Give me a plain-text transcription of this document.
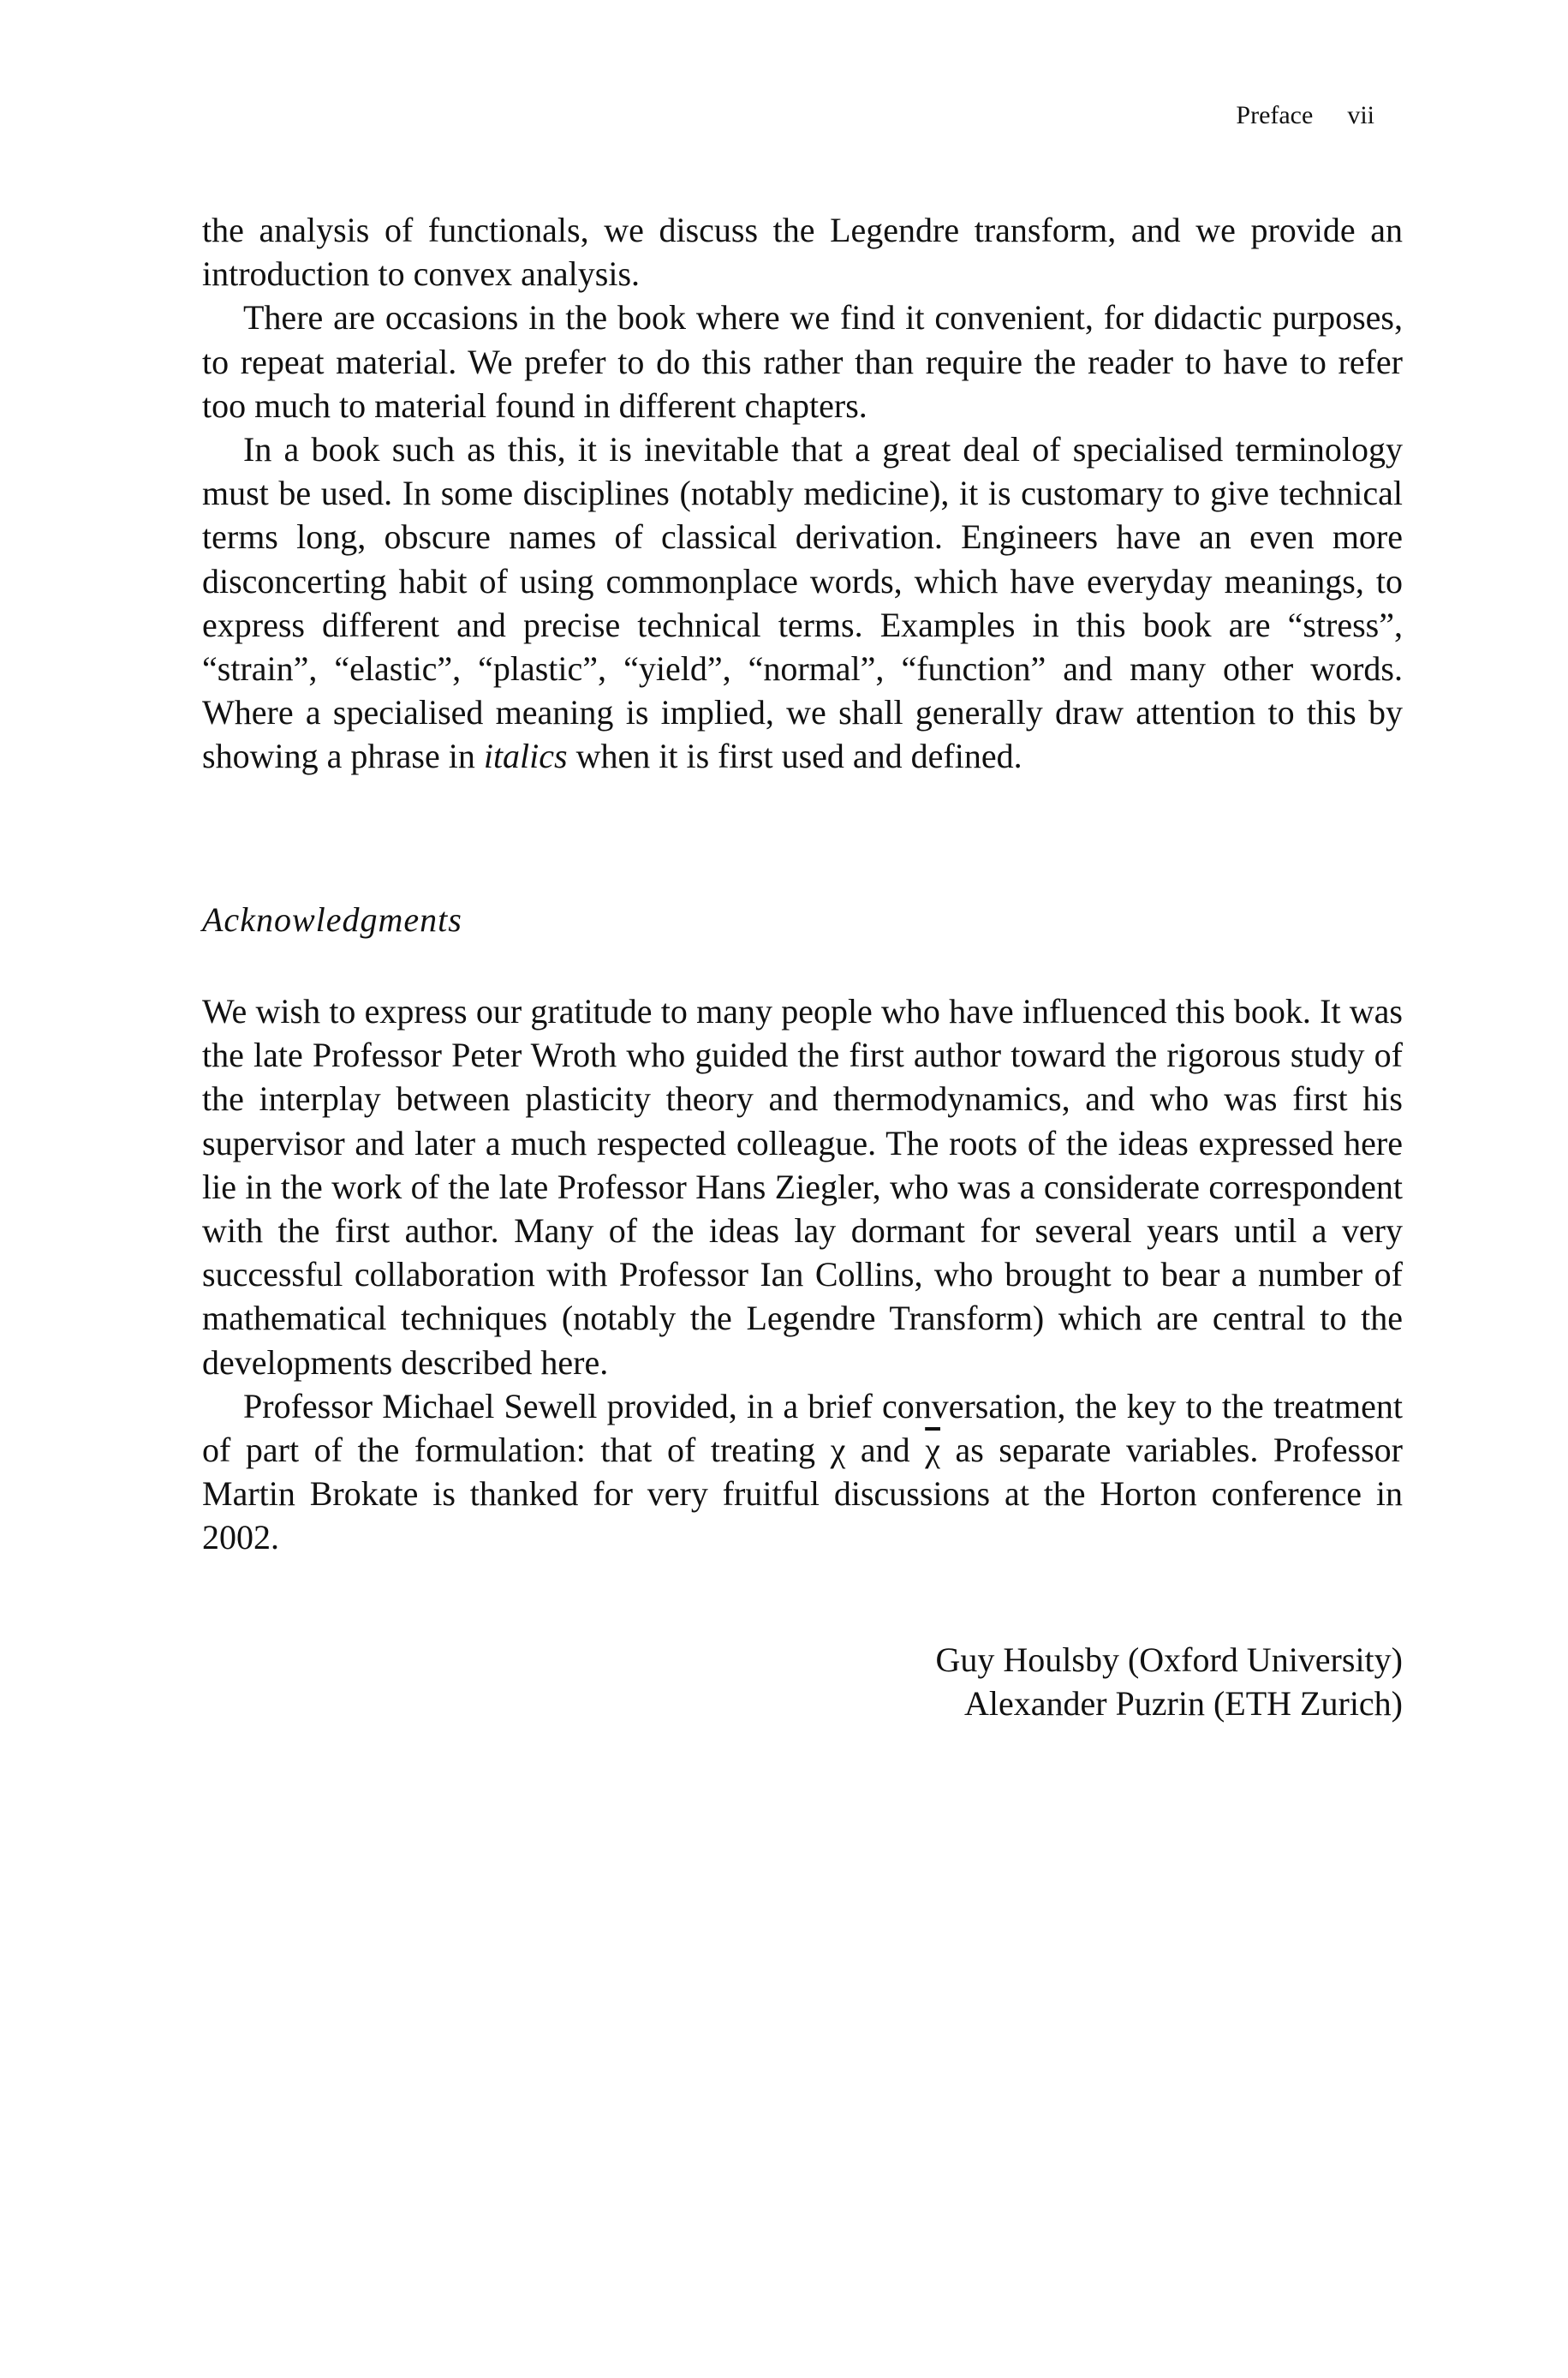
Preface vii

the analysis of functionals, we discuss the Legendre transform, and we provide an introduction to convex analysis.

There are occasions in the book where we find it convenient, for didactic purposes, to repeat material. We prefer to do this rather than require the reader to have to refer too much to material found in different chapters.

In a book such as this, it is inevitable that a great deal of specialised terminology must be used. In some disciplines (notably medicine), it is customary to give technical terms long, obscure names of classical derivation. Engineers have an even more disconcerting habit of using commonplace words, which have everyday meanings, to express different and precise technical terms. Examples in this book are “stress”, “strain”, “elastic”, “plastic”, “yield”, “normal”, “function” and many other words. Where a specialised meaning is implied, we shall generally draw attention to this by showing a phrase in italics when it is first used and defined.

Acknowledgments

We wish to express our gratitude to many people who have influenced this book. It was the late Professor Peter Wroth who guided the first author toward the rigorous study of the interplay between plasticity theory and thermodynamics, and who was first his supervisor and later a much respected colleague. The roots of the ideas expressed here lie in the work of the late Professor Hans Ziegler, who was a considerate correspondent with the first author. Many of the ideas lay dormant for several years until a very successful collaboration with Professor Ian Collins, who brought to bear a number of mathematical techniques (notably the Legendre Transform) which are central to the developments described here.

Professor Michael Sewell provided, in a brief conversation, the key to the treatment of part of the formulation: that of treating χ and $\overline{\chi}$ as separate variables. Professor Martin Brokate is thanked for very fruitful discussions at the Horton conference in 2002.

Guy Houlsby (Oxford University)
Alexander Puzrin (ETH Zurich)
